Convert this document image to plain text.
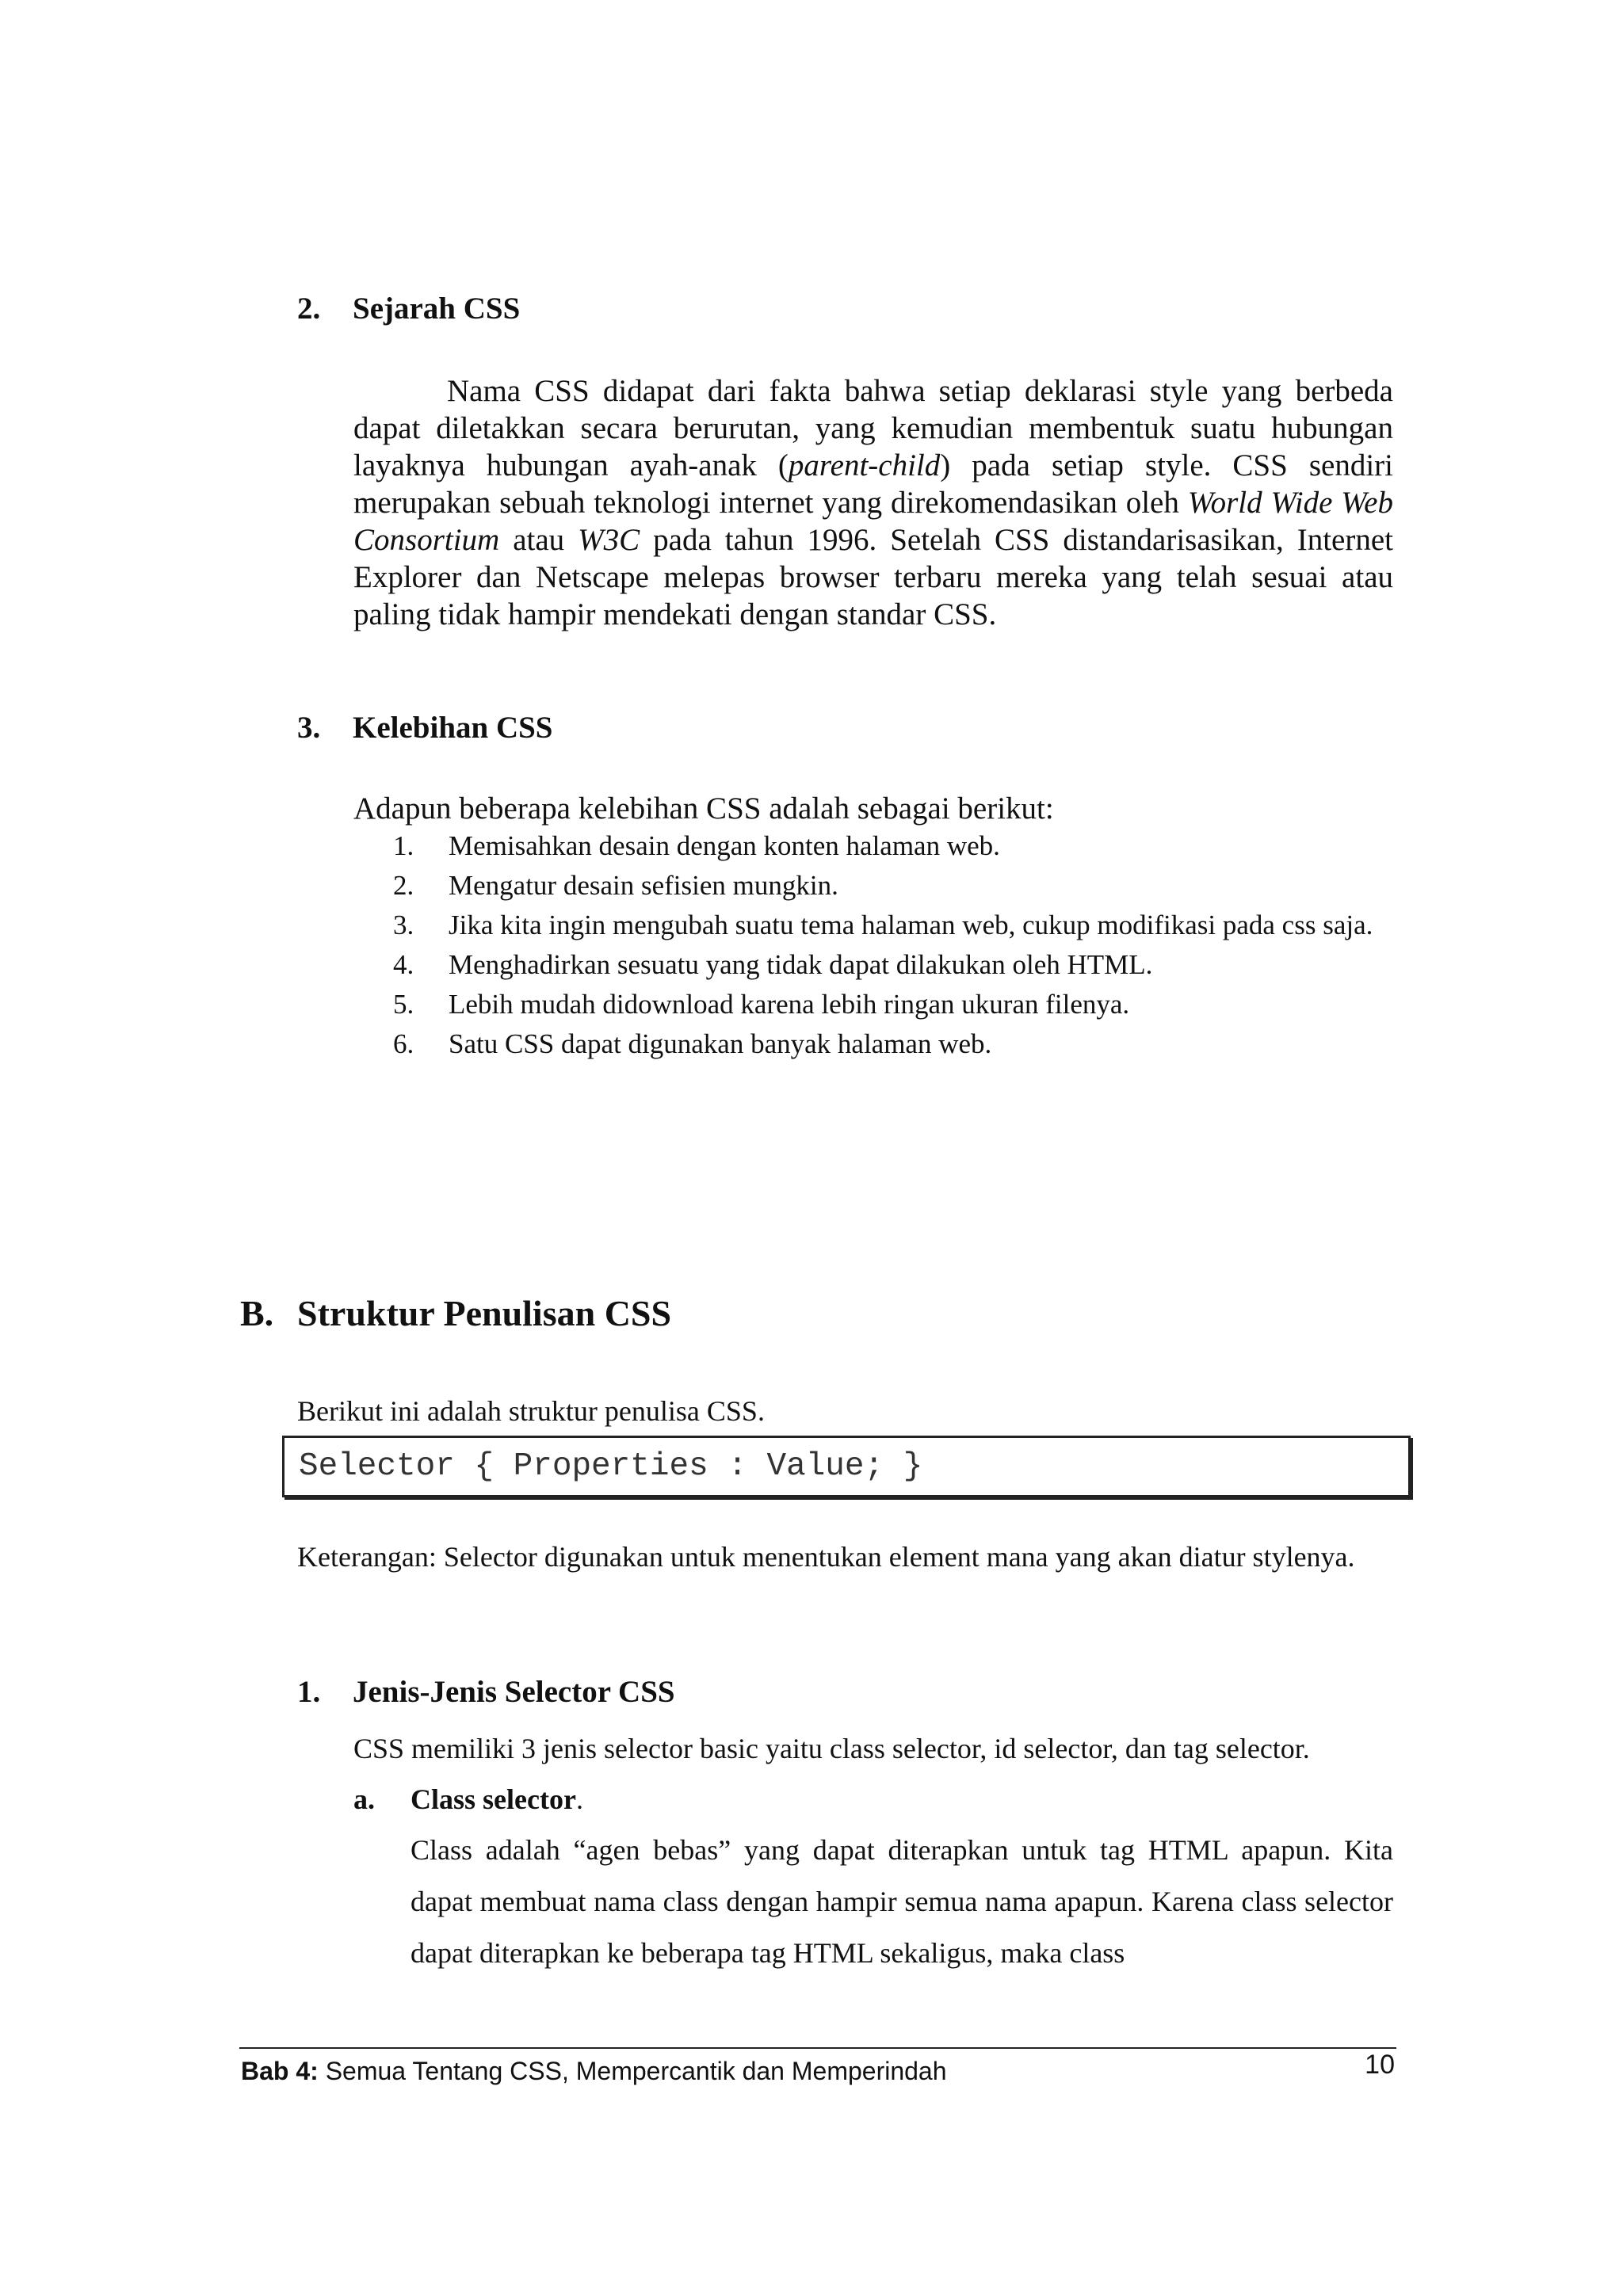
2. Sejarah CSS
Nama CSS didapat dari fakta bahwa setiap deklarasi style yang berbeda dapat diletakkan secara berurutan, yang kemudian membentuk suatu hubungan layaknya hubungan ayah-anak (parent-child) pada setiap style. CSS sendiri merupakan sebuah teknologi internet yang direkomendasikan oleh World Wide Web Consortium atau W3C pada tahun 1996. Setelah CSS distandarisasikan, Internet Explorer dan Netscape melepas browser terbaru mereka yang telah sesuai atau paling tidak hampir mendekati dengan standar CSS.
3. Kelebihan CSS
Adapun beberapa kelebihan CSS adalah sebagai berikut:
1. Memisahkan desain dengan konten halaman web.
2. Mengatur desain sefisien mungkin.
3. Jika kita ingin mengubah suatu tema halaman web, cukup modifikasi pada css saja.
4. Menghadirkan sesuatu yang tidak dapat dilakukan oleh HTML.
5. Lebih mudah didownload karena lebih ringan ukuran filenya.
6. Satu CSS dapat digunakan banyak halaman web.
B. Struktur Penulisan CSS
Berikut ini adalah struktur penulisa CSS.
Selector { Properties : Value; }
Keterangan: Selector digunakan untuk menentukan element mana yang akan diatur stylenya.
1. Jenis-Jenis Selector CSS
CSS memiliki 3 jenis selector basic yaitu class selector, id selector, dan tag selector.
a. Class selector.
Class adalah “agen bebas” yang dapat diterapkan untuk tag HTML apapun. Kita dapat membuat nama class dengan hampir semua nama apapun. Karena class selector dapat diterapkan ke beberapa tag HTML sekaligus, maka class
Bab 4: Semua Tentang CSS, Mempercantik dan Memperindah	10
